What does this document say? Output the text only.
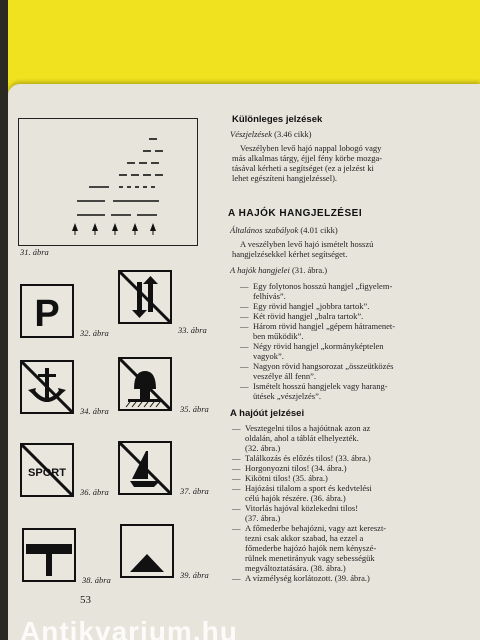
31. ábra
P 32. ábra	33. ábra
34. ábra	35. ábra
SPORT
36. ábra	37. ábra
38. ábra	39. ábra
Különleges jelzések
Vészjelzések (3.46 cikk)
Veszélyben levő hajó nappal lobogó vagy
más alkalmas tárgy, éjjel fény körbe mozga-
tásával kérheti a segítséget (ez a jelzést ki
lehet egészíteni hangjelzéssel).
A HAJÓK HANGJELZÉSEI
Általános szabályok (4.01 cikk)
A veszélyben levő hajó ismételt hosszú
hangjelzésekkel kérhet segítséget.
A hajók hangjelei (31. ábra.)
— Egy folytonos hosszú hangjel „figyelem-
felhívás”.
— Egy rövid hangjel „jobbra tartok”.
— Két rövid hangjel „balra tartok”.
— Három rövid hangjel „gépem hátramenet-
ben működik”.
— Négy rövid hangjel „kormányképtelen
vagyok”.
— Nagyon rövid hangsorozat „összeütközés
veszélye áll fenn”.
— Ismételt hosszú hangjelek vagy harang-
ütések „vészjelzés”.
A hajóút jelzései
— Vesztegelni tilos a hajóútnak azon az
oldalán, ahol a táblát elhelyezték.
(32. ábra.)
— Találkozás és előzés tilos! (33. ábra.)
— Horgonyozni tilos! (34. ábra.)
— Kikötni tilos! (35. ábra.)
— Hajózási tilalom a sport és kedvtelési
célú hajók részére. (36. ábra.)
— Vitorlás hajóval közlekedni tilos!
(37. ábra.)
— A főmederbe behajózni, vagy azt kereszt-
tezni csak akkor szabad, ha ezzel a
főmederbe hajózó hajók nem kényszé-
rülnek menetirányuk vagy sebességük
megváltoztatására. (38. ábra.)
— A vízmélység korlátozott. (39. ábra.)
53
Antikvarium.hu
